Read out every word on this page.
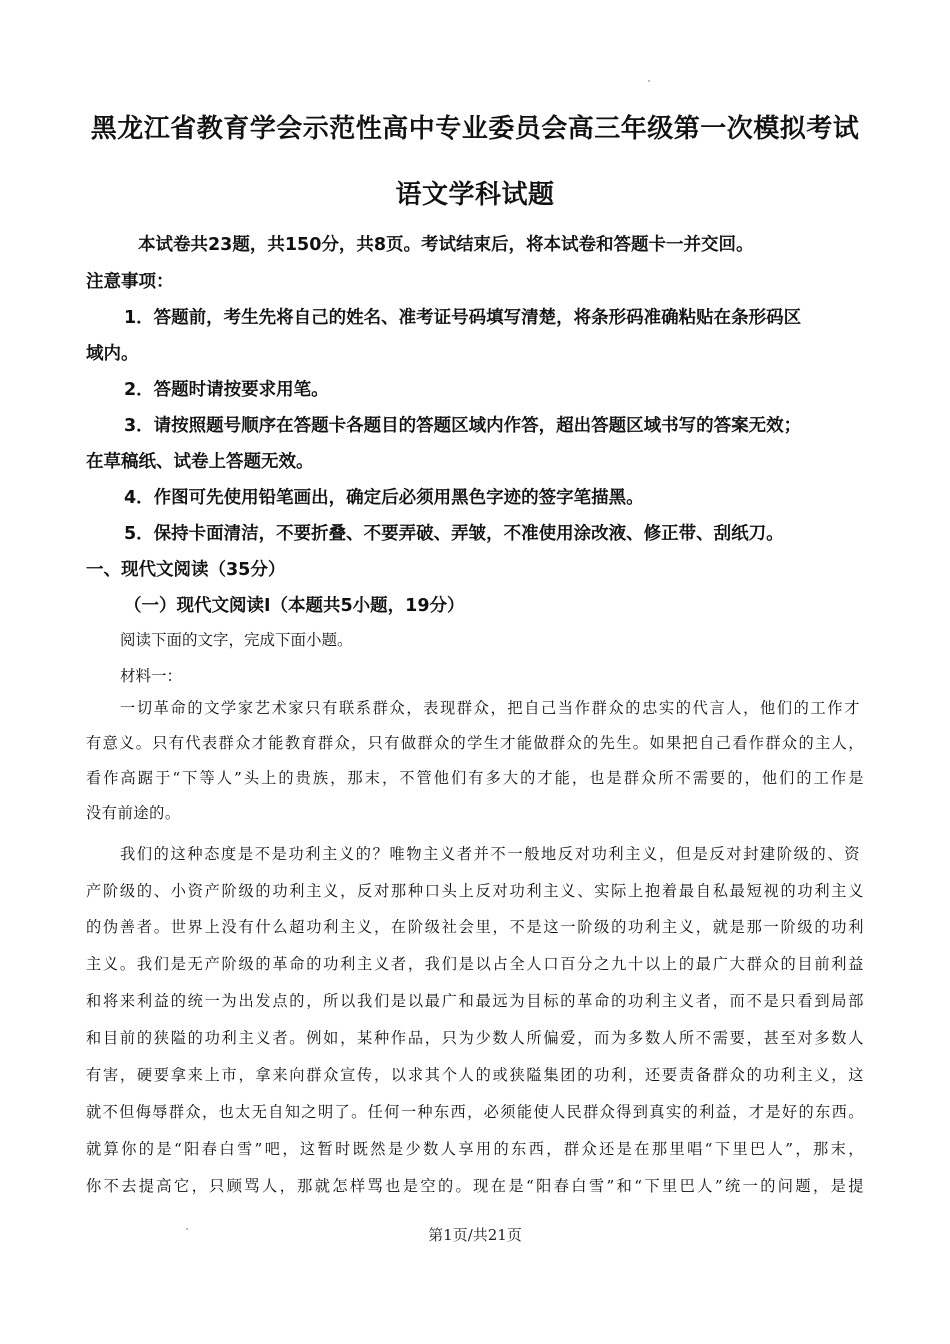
黑龙江省教育学会示范性高中专业委员会高三年级第一次模拟考试
语文学科试题
本试卷共23题，共150分，共8页。考试结束后，将本试卷和答题卡一并交回。
注意事项：
1．答题前，考生先将自己的姓名、准考证号码填写清楚，将条形码准确粘贴在条形码区
域内。
2．答题时请按要求用笔。
3．请按照题号顺序在答题卡各题目的答题区域内作答，超出答题区域书写的答案无效；
在草稿纸、试卷上答题无效。
4．作图可先使用铅笔画出，确定后必须用黑色字迹的签字笔描黑。
5．保持卡面清洁，不要折叠、不要弄破、弄皱，不准使用涂改液、修正带、刮纸刀。
一、现代文阅读（35分）
（一）现代文阅读Ⅰ（本题共5小题，19分）
阅读下面的文字，完成下面小题。
材料一：
一切革命的文学家艺术家只有联系群众，表现群众，把自己当作群众的忠实的代言人，他们的工作才
有意义。只有代表群众才能教育群众，只有做群众的学生才能做群众的先生。如果把自己看作群众的主人，
看作高踞于“下等人”头上的贵族，那末，不管他们有多大的才能，也是群众所不需要的，他们的工作是
没有前途的。
我们的这种态度是不是功利主义的？唯物主义者并不一般地反对功利主义，但是反对封建阶级的、资
产阶级的、小资产阶级的功利主义，反对那种口头上反对功利主义、实际上抱着最自私最短视的功利主义
的伪善者。世界上没有什么超功利主义，在阶级社会里，不是这一阶级的功利主义，就是那一阶级的功利
主义。我们是无产阶级的革命的功利主义者，我们是以占全人口百分之九十以上的最广大群众的目前利益
和将来利益的统一为出发点的，所以我们是以最广和最远为目标的革命的功利主义者，而不是只看到局部
和目前的狭隘的功利主义者。例如，某种作品，只为少数人所偏爱，而为多数人所不需要，甚至对多数人
有害，硬要拿来上市，拿来向群众宣传，以求其个人的或狭隘集团的功利，还要责备群众的功利主义，这
就不但侮辱群众，也太无自知之明了。任何一种东西，必须能使人民群众得到真实的利益，才是好的东西。
就算你的是“阳春白雪”吧，这暂时既然是少数人享用的东西，群众还是在那里唱“下里巴人”，那末，
你不去提高它，只顾骂人，那就怎样骂也是空的。现在是“阳春白雪”和“下里巴人”统一的问题，是提
第1页/共21页
